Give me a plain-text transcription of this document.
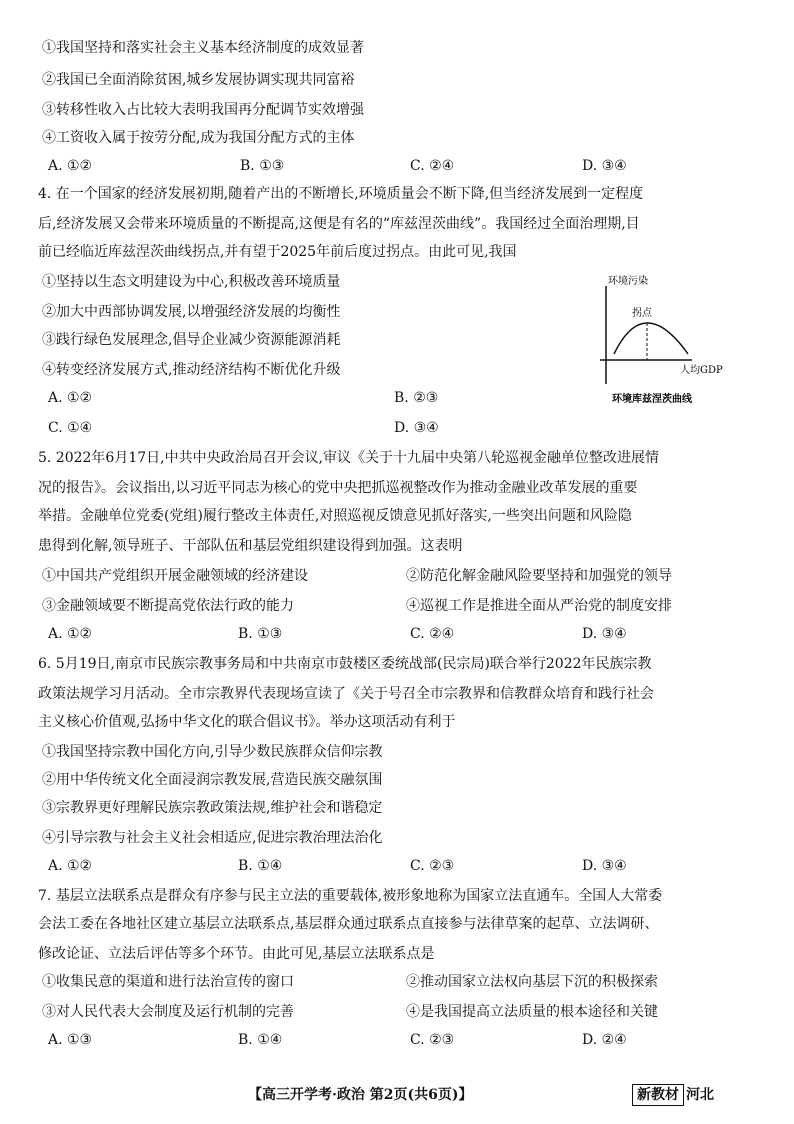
①我国坚持和落实社会主义基本经济制度的成效显著
②我国已全面消除贫困,城乡发展协调实现共同富裕
③转移性收入占比较大表明我国再分配调节实效增强
④工资收入属于按劳分配,成为我国分配方式的主体
A. ①②	B. ①③	C. ②④	D. ③④
4. 在一个国家的经济发展初期,随着产出的不断增长,环境质量会不断下降,但当经济发展到一定程度
后,经济发展又会带来环境质量的不断提高,这便是有名的“库兹涅茨曲线”。我国经过全面治理期,目
前已经临近库兹涅茨曲线拐点,并有望于2025年前后度过拐点。由此可见,我国
①坚持以生态文明建设为中心,积极改善环境质量
②加大中西部协调发展,以增强经济发展的均衡性
③践行绿色发展理念,倡导企业减少资源能源消耗
④转变经济发展方式,推动经济结构不断优化升级
A. ①②	B. ②③
C. ①④	D. ③④
环境污染
拐点
人均GDP
环境库兹涅茨曲线
5. 2022年6月17日,中共中央政治局召开会议,审议《关于十九届中央第八轮巡视金融单位整改进展情
况的报告》。会议指出,以习近平同志为核心的党中央把抓巡视整改作为推动金融业改革发展的重要
举措。金融单位党委(党组)履行整改主体责任,对照巡视反馈意见抓好落实,一些突出问题和风险隐
患得到化解,领导班子、干部队伍和基层党组织建设得到加强。这表明
①中国共产党组织开展金融领域的经济建设	②防范化解金融风险要坚持和加强党的领导
③金融领域要不断提高党依法行政的能力	④巡视工作是推进全面从严治党的制度安排
A. ①②	B. ①③	C. ②④	D. ③④
6. 5月19日,南京市民族宗教事务局和中共南京市鼓楼区委统战部(民宗局)联合举行2022年民族宗教
政策法规学习月活动。全市宗教界代表现场宣读了《关于号召全市宗教界和信教群众培育和践行社会
主义核心价值观,弘扬中华文化的联合倡议书》。举办这项活动有利于
①我国坚持宗教中国化方向,引导少数民族群众信仰宗教
②用中华传统文化全面浸润宗教发展,营造民族交融氛围
③宗教界更好理解民族宗教政策法规,维护社会和谐稳定
④引导宗教与社会主义社会相适应,促进宗教治理法治化
A. ①②	B. ①④	C. ②③	D. ③④
7. 基层立法联系点是群众有序参与民主立法的重要载体,被形象地称为国家立法直通车。全国人大常委
会法工委在各地社区建立基层立法联系点,基层群众通过联系点直接参与法律草案的起草、立法调研、
修改论证、立法后评估等多个环节。由此可见,基层立法联系点是
①收集民意的渠道和进行法治宣传的窗口	②推动国家立法权向基层下沉的积极探索
③对人民代表大会制度及运行机制的完善	④是我国提高立法质量的根本途径和关键
A. ①③	B. ①④	C. ②③	D. ②④
【高三开学考·政治 第2页(共6页)】	新教材 河北
